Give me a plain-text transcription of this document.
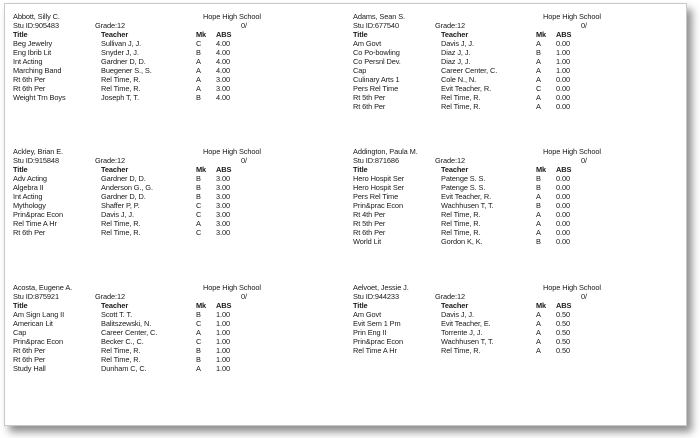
Abbott, Silly C.	Hope High School
Stu ID:905483	Grade:12	0/
Title	Teacher	Mk	ABS
Beg Jewelry	Sullivan J, J.	C	4.00
Eng Ibrib Lit	Snyder J, J.	B	4.00
Int Acting	Gardner D, D.	A	4.00
Marching Band	Buegener S., S.	A	4.00
Rt 6th Per	Rel Time, R.	A	3.00
Rt 6th Per	Rel Time, R.	A	3.00
Weight Trn Boys	Joseph T, T.	B	4.00
Adams, Sean S.	Hope High School
Stu ID:677540	Grade:12	0/
Title	Teacher	Mk	ABS
Am Govt	Davis J, J.	A	0.00
Co Po-bowling	Diaz J, J.	B	1.00
Co Persnl Dev.	Diaz J, J.	A	1.00
Cap	Career Center, C.	A	1.00
Culinary Arts 1	Cole N., N.	A	0.00
Pers Rel Time	Evit Teacher, R.	C	0.00
Rt 5th Per	Rel Time, R.	A	0.00
Rt 6th Per	Rel Time, R.	A	0.00
Ackley, Brian E.	Hope High School
Stu ID:915848	Grade:12	0/
Title	Teacher	Mk	ABS
Adv Acting	Gardner D, D.	B	3.00
Algebra II	Anderson G., G.	B	3.00
Int Acting	Gardner D, D.	B	3.00
Mythology	Shaffer P, P.	C	3.00
Prin&prac Econ	Davis J, J.	C	3.00
Rel Time A Hr	Rel Time, R.	A	3.00
Rt 6th Per	Rel Time, R.	C	3.00
Addington, Paula M.	Hope High School
Stu ID:871686	Grade:12	0/
Title	Teacher	Mk	ABS
Hero Hospit Ser	Patenge S. S.	B	0.00
Hero Hospit Ser	Patenge S. S.	B	0.00
Pers Rel Time	Evit Teacher, R.	A	0.00
Prin&prac Econ	Wachhusen T, T.	B	0.00
Rt 4th Per	Rel Time, R.	A	0.00
Rt 5th Per	Rel Time, R.	A	0.00
Rt 6th Per	Rel Time, R.	A	0.00
World Lit	Gordon K, K.	B	0.00
Acosta, Eugene A.	Hope High School
Stu ID:875921	Grade:12	0/
Title	Teacher	Mk	ABS
Am Sign Lang II	Scott T. T.	B	1.00
American Lit	Balitszewski, N.	C	1.00
Cap	Career Center, C.	A	1.00
Prin&prac Econ	Becker C., C.	C	1.00
Rt 6th Per	Rel Time, R.	B	1.00
Rt 6th Per	Rel Time, R.	B	1.00
Study Hall	Dunham C, C.	A	1.00
Aelvoet, Jessie J.	Hope High School
Stu ID:944233	Grade:12	0/
Title	Teacher	Mk	ABS
Am Govt	Davis J, J.	A	0.50
Evit Sem 1 Pm	Evit Teacher, E.	A	0.50
Prin Eng II	Torrente J, J.	A	0.50
Prin&prac Econ	Wachhusen T, T.	A	0.50
Rel Time A Hr	Rel Time, R.	A	0.50
